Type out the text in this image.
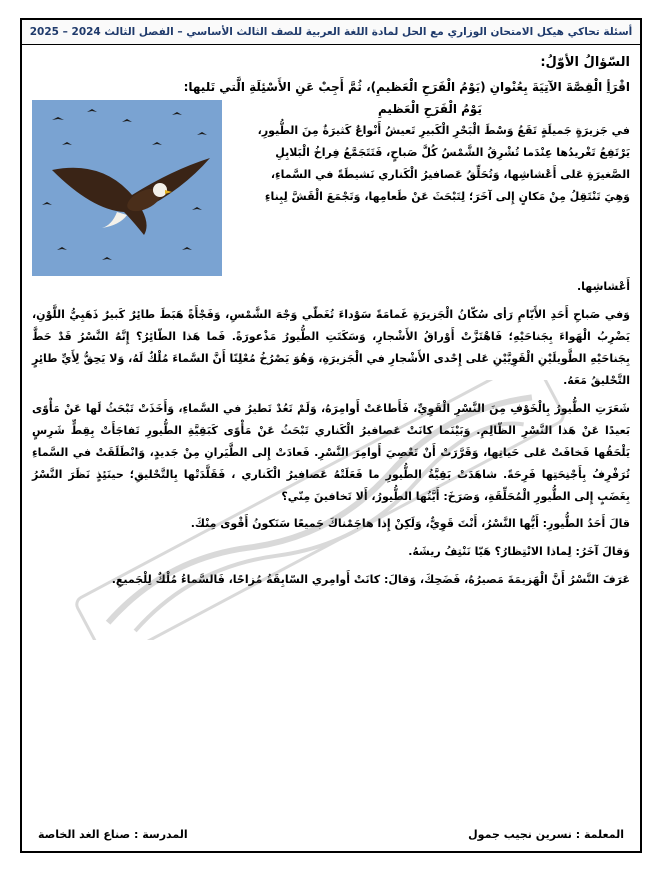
أسئلة تحاكي هيكل الامتحان الوزاري مع الحل لمادة اللغة العربية للصف الثالث الأساسي – الفصل الثالث 2024 – 2025
السّؤالُ الأوّلُ:
اقْرَأِ الْقِصَّةَ الآتِيَةَ بِعُنْوانِ (يَوْمُ الْفَرَحِ الْعَظيمِ)، ثُمَّ أَجِبْ عَنِ الأَسْئِلَةِ الَّتي تَليها:
يَوْمُ الْفَرَحِ الْعَظيمِ

في جَزيرَةٍ جَميلَةٍ تَقَعُ وَسْطَ الْبَحْرِ الْكَبيرِ تَعيشُ أَنْواعٌ كَثيرَةٌ مِنَ الطُّيورِ،

يَرْتَفِعُ تَغْريدُها عِنْدَما تُشْرِقُ الشَّمْسُ كُلَّ صَباحٍ، فَتَتَجَمَّعُ فِراخُ الْبَلابِلِ

الصَّغيرَةِ عَلى أَعْشاشِها، وَتُحَلِّقُ عَصافيرُ الْكَناري نَشيطَةً في السَّماءِ،

وَهِيَ تَنْتَقِلُ مِنْ مَكانٍ إِلى آخَرَ؛ لِتَبْحَثَ عَنْ طَعامِها، وَتَجْمَعَ الْقَشَّ لِبِناءِ

أَعْشاشِها.

وَفي صَباحِ أَحَدِ الأَيّامِ رَأى سُكّانُ الْجَزيرَةِ غَمامَةً سَوْداءَ تُغَطّي وَجْهَ الشَّمْسِ، وَفَجْأَةً هَبَطَ طائِرٌ كَبيرٌ ذَهَبِيُّ اللَّوْنِ، يَضْرِبُ الْهَواءَ بِجَناحَيْهِ؛ فَاهْتَزَّتْ أَوْراقُ الأَشْجارِ، وَسَكَتَتِ الطُّيورُ مَذْعورَةً. فَما هَذا الطّائِرُ؟ إِنَّهُ النَّسْرُ قَدْ حَطَّ بِجَناحَيْهِ الطَّويلَيْنِ الْقَوِيَّيْنِ عَلى إِحْدى الأَشْجارِ في الْجَزيرَةِ، وَهُوَ يَصْرُخُ مُعْلِنًا أَنَّ السَّماءَ مُلْكٌ لَهُ، وَلا يَحِقُّ لِأَيِّ طائِرٍ التَّحْليقُ مَعَهُ.

شَعَرَتِ الطُّيورُ بِالْخَوْفِ مِنَ النَّسْرِ الْقَوِيِّ، فَأَطاعَتْ أَوامِرَهُ، وَلَمْ تَعُدْ تَطيرُ في السَّماءِ، وَأَخَذَتْ تَبْحَثُ لَها عَنْ مَأْوًى بَعيدًا عَنْ هَذا النَّسْرِ الظّالِمِ. وَبَيْنَما كانَتْ عَصافيرُ الْكَناري تَبْحَثُ عَنْ مَأْوًى كَبَقِيَّةِ الطُّيورِ تَفاجَأَتْ بِقِطٍّ شَرِسٍ يَلْحَقُها فَخافَتْ عَلى حَياتِها، وَقَرَّرَتْ أَنْ تَعْصِيَ أَوامِرَ النَّسْرِ. فَعادَتْ إِلى الطَّيَرانِ مِنْ جَديدٍ، وَانْطَلَقَتْ في السَّماءِ تُرَفْرِفُ بِأَجْنِحَتِها فَرِحَةً. شاهَدَتْ بَقِيَّةُ الطُّيورِ ما فَعَلَتْهُ عَصافيرُ الْكَناري ، فَقَلَّدَتْها بِالتَّحْليقِ؛ حينَئِذٍ نَظَرَ النَّسْرُ بِغَضَبٍ إِلى الطُّيورِ الْمُحَلِّقَةِ، وَصَرَخَ: أَيَّتُها الطُّيورُ، أَلا تَخافينَ مِنّي؟

قالَ أَحَدُ الطُّيورِ: أَيُّها النَّسْرُ، أَنْتَ قَوِيٌّ، وَلَكِنْ إِذا هاجَمْناكَ جَميعًا سَنَكونُ أَقْوى مِنْكَ.

وَقالَ آخَرُ: لِماذا الانْتِظارُ؟ هَيّا نَنْتِفُ ريشَهُ.

عَرَفَ النَّسْرُ أَنَّ الْهَزيمَةَ مَصيرُهُ، فَضَحِكَ، وَقالَ: كانَتْ أَوامِري السّابِقَةُ مُزاحًا، فَالسَّماءُ مُلْكٌ لِلْجَميعِ.

المعلمة : نسرين نجيب جمول
المدرسة : صناع الغد الخاصة
